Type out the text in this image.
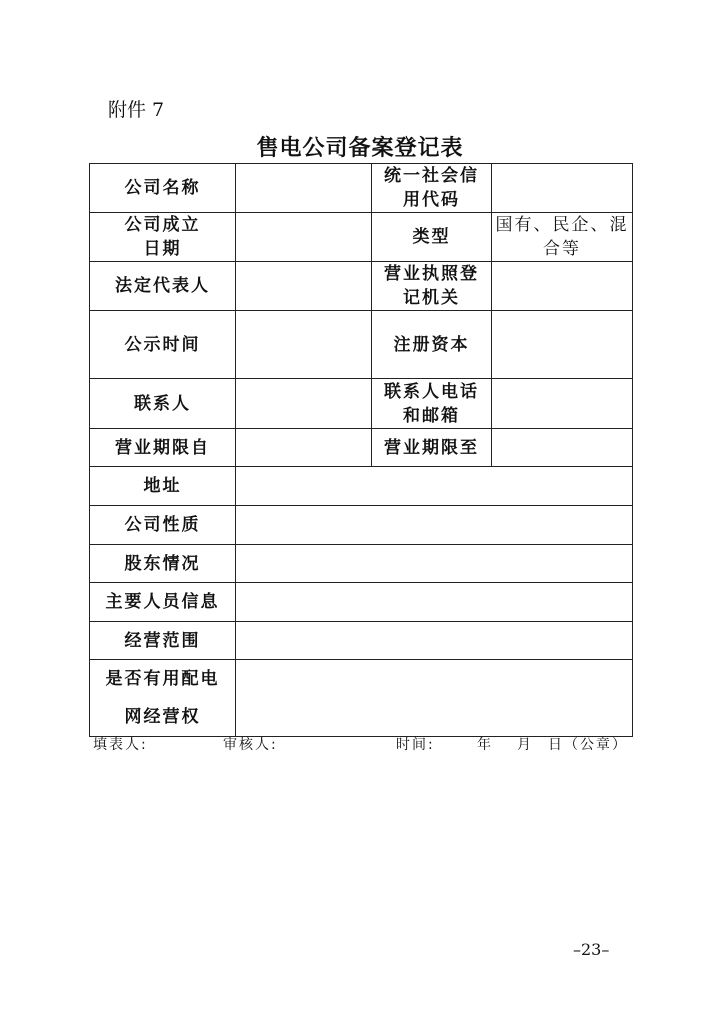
附件 7
售电公司备案登记表
公司名称		统一社会信
用代码	
公司成立
日期		类型	国有、民企、混
合等
法定代表人		营业执照登
记机关	
公示时间		注册资本	
联系人		联系人电话
和邮箱	
营业期限自		营业期限至	
地址			
公司性质			
股东情况			
主要人员信息			
经营范围			
是否有用配电
网经营权			
填表人:	审核人:	时间:	年 月 日（公章）
–23–
